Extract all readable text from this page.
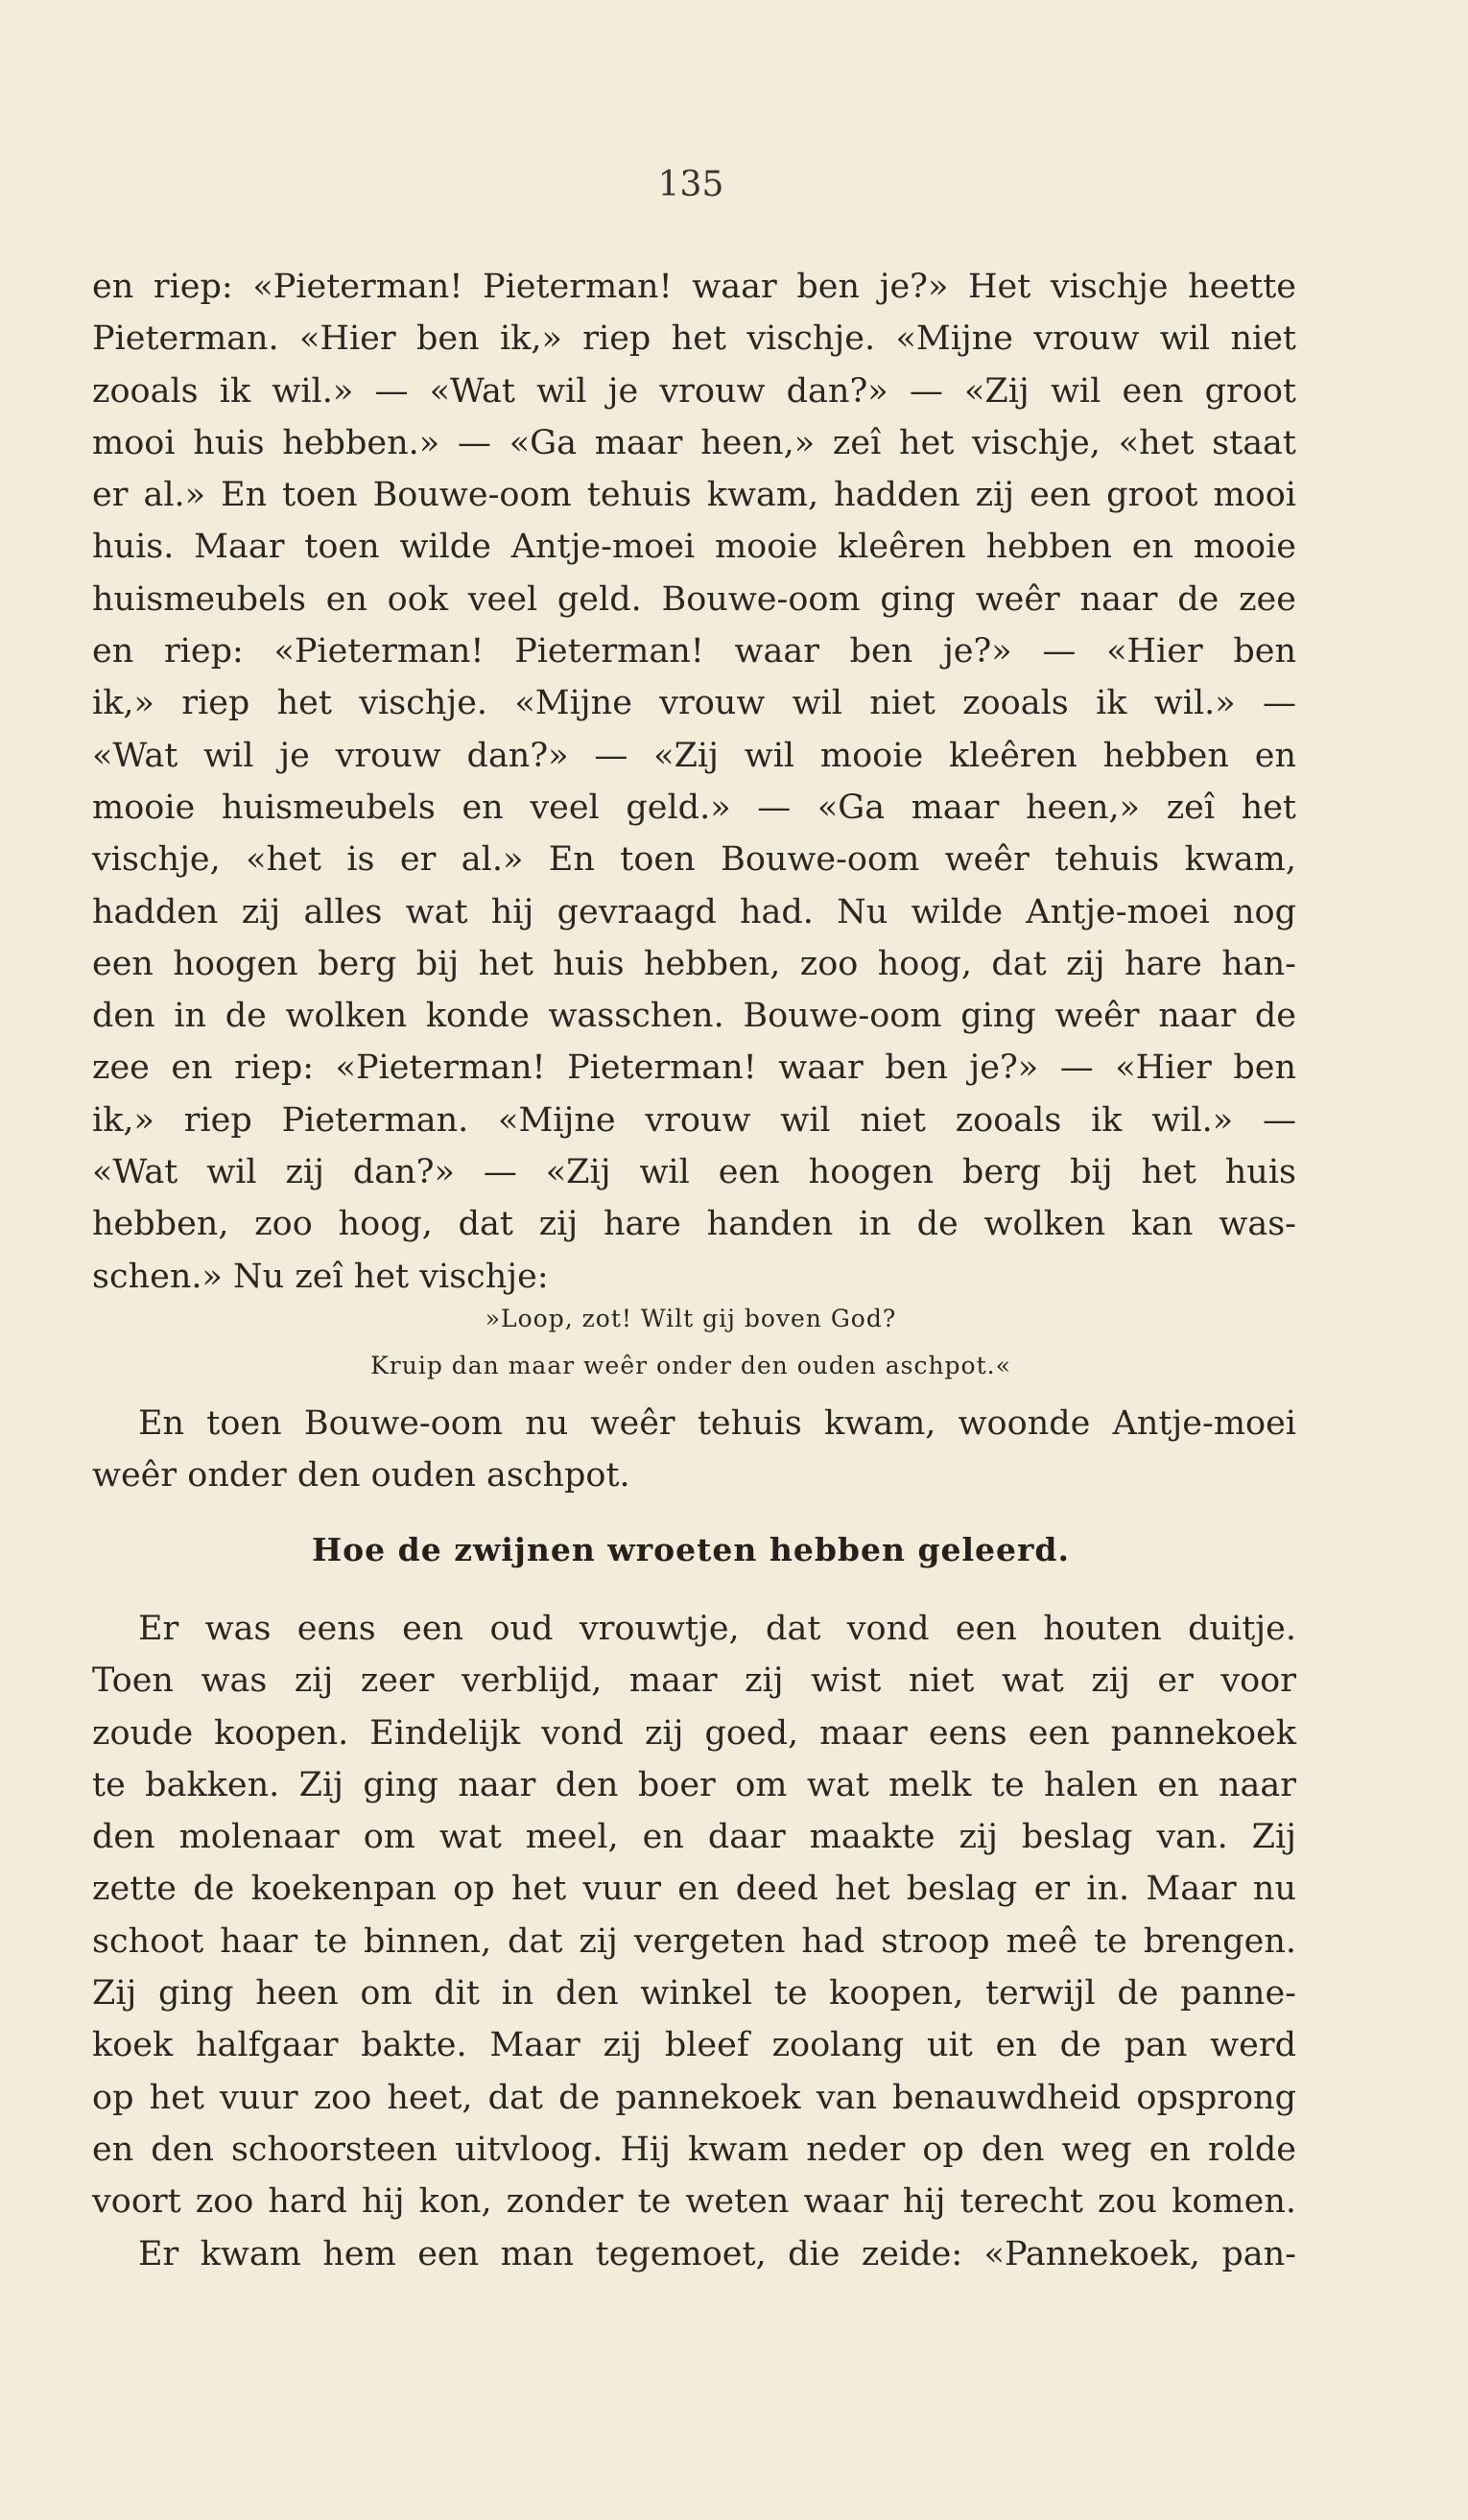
135
en riep: «Pieterman! Pieterman! waar ben je?» Het vischje heette
Pieterman. «Hier ben ik,» riep het vischje. «Mijne vrouw wil niet
zooals ik wil.» — «Wat wil je vrouw dan?» — «Zij wil een groot
mooi huis hebben.» — «Ga maar heen,» zeî het vischje, «het staat
er al.» En toen Bouwe-oom tehuis kwam, hadden zij een groot mooi
huis. Maar toen wilde Antje-moei mooie kleêren hebben en mooie
huismeubels en ook veel geld. Bouwe-oom ging weêr naar de zee
en riep: «Pieterman! Pieterman! waar ben je?» — «Hier ben
ik,» riep het vischje. «Mijne vrouw wil niet zooals ik wil.» —
«Wat wil je vrouw dan?» — «Zij wil mooie kleêren hebben en
mooie huismeubels en veel geld.» — «Ga maar heen,» zeî het
vischje, «het is er al.» En toen Bouwe-oom weêr tehuis kwam,
hadden zij alles wat hij gevraagd had. Nu wilde Antje-moei nog
een hoogen berg bij het huis hebben, zoo hoog, dat zij hare han-
den in de wolken konde wasschen. Bouwe-oom ging weêr naar de
zee en riep: «Pieterman! Pieterman! waar ben je?» — «Hier ben
ik,» riep Pieterman. «Mijne vrouw wil niet zooals ik wil.» —
«Wat wil zij dan?» — «Zij wil een hoogen berg bij het huis
hebben, zoo hoog, dat zij hare handen in de wolken kan was-
schen.» Nu zeî het vischje:
»Loop, zot! Wilt gij boven God?
Kruip dan maar weêr onder den ouden aschpot.«
En toen Bouwe-oom nu weêr tehuis kwam, woonde Antje-moei
weêr onder den ouden aschpot.
Hoe de zwijnen wroeten hebben geleerd.
Er was eens een oud vrouwtje, dat vond een houten duitje.
Toen was zij zeer verblijd, maar zij wist niet wat zij er voor
zoude koopen. Eindelijk vond zij goed, maar eens een pannekoek
te bakken. Zij ging naar den boer om wat melk te halen en naar
den molenaar om wat meel, en daar maakte zij beslag van. Zij
zette de koekenpan op het vuur en deed het beslag er in. Maar nu
schoot haar te binnen, dat zij vergeten had stroop meê te brengen.
Zij ging heen om dit in den winkel te koopen, terwijl de panne-
koek halfgaar bakte. Maar zij bleef zoolang uit en de pan werd
op het vuur zoo heet, dat de pannekoek van benauwdheid opsprong
en den schoorsteen uitvloog. Hij kwam neder op den weg en rolde
voort zoo hard hij kon, zonder te weten waar hij terecht zou komen.
Er kwam hem een man tegemoet, die zeide: «Pannekoek, pan-
